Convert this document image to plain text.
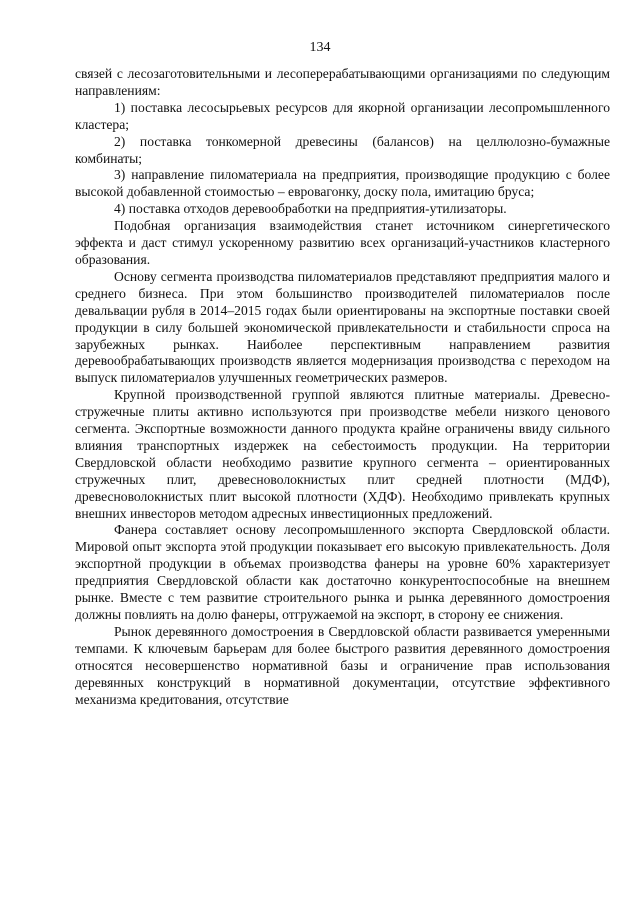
134

связей с лесозаготовительными и лесоперерабатывающими организациями по следующим направлениям:

1) поставка лесосырьевых ресурсов для якорной организации лесопромышленного кластера;

2) поставка тонкомерной древесины (балансов) на целлюлозно-бумажные комбинаты;

3) направление пиломатериала на предприятия, производящие продукцию с более высокой добавленной стоимостью – евровагонку, доску пола, имитацию бруса;

4) поставка отходов деревообработки на предприятия-утилизаторы.

Подобная организация взаимодействия станет источником синергетического эффекта и даст стимул ускоренному развитию всех организаций-участников кластерного образования.

Основу сегмента производства пиломатериалов представляют предприятия малого и среднего бизнеса. При этом большинство производителей пиломатериалов после девальвации рубля в 2014–2015 годах были ориентированы на экспортные поставки своей продукции в силу большей экономической привлекательности и стабильности спроса на зарубежных рынках. Наиболее перспективным направлением развития деревообрабатывающих производств является модернизация производства с переходом на выпуск пиломатериалов улучшенных геометрических размеров.

Крупной производственной группой являются плитные материалы. Древесно-стружечные плиты активно используются при производстве мебели низкого ценового сегмента. Экспортные возможности данного продукта крайне ограничены ввиду сильного влияния транспортных издержек на себестоимость продукции. На территории Свердловской области необходимо развитие крупного сегмента – ориентированных стружечных плит, древесноволокнистых плит средней плотности (МДФ), древесноволокнистых плит высокой плотности (ХДФ). Необходимо привлекать крупных внешних инвесторов методом адресных инвестиционных предложений.

Фанера составляет основу лесопромышленного экспорта Свердловской области. Мировой опыт экспорта этой продукции показывает его высокую привлекательность. Доля экспортной продукции в объемах производства фанеры на уровне 60% характеризует предприятия Свердловской области как достаточно конкурентоспособные на внешнем рынке. Вместе с тем развитие строительного рынка и рынка деревянного домостроения должны повлиять на долю фанеры, отгружаемой на экспорт, в сторону ее снижения.

Рынок деревянного домостроения в Свердловской области развивается умеренными темпами. К ключевым барьерам для более быстрого развития деревянного домостроения относятся несовершенство нормативной базы и ограничение прав использования деревянных конструкций в нормативной документации, отсутствие эффективного механизма кредитования, отсутствие
